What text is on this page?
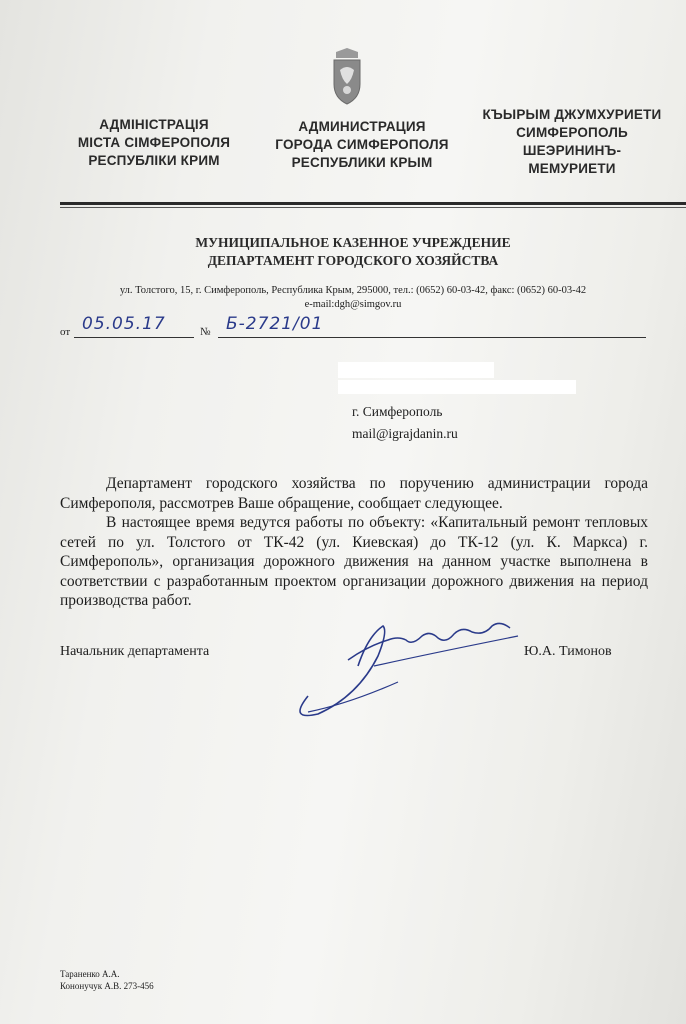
АДМІНІСТРАЦІЯ
МІСТА СІМФЕРОПОЛЯ
РЕСПУБЛІКИ КРИМ
АДМИНИСТРАЦИЯ
ГОРОДА СИМФЕРОПОЛЯ
РЕСПУБЛИКИ КРЫМ
КЪЫРЫМ ДЖУМХУРИЕТИ
СИМФЕРОПОЛЬ
ШЕЭРИНИНЪ-
МЕМУРИЕТИ
МУНИЦИПАЛЬНОЕ КАЗЕННОЕ УЧРЕЖДЕНИЕ
ДЕПАРТАМЕНТ ГОРОДСКОГО ХОЗЯЙСТВА
ул. Толстого, 15, г. Симферополь, Республика Крым, 295000, тел.: (0652) 60-03-42, факс: (0652) 60-03-42
e-mail:dgh@simgov.ru
от 05.05.17	№ Б-2721/01
г. Симферополь
mail@igrajdanin.ru

Департамент городского хозяйства по поручению администрации города Симферополя, рассмотрев Ваше обращение, сообщает следующее.

В настоящее время ведутся работы по объекту: «Капитальный ремонт тепловых сетей по ул. Толстого от ТК-42 (ул. Киевская) до ТК-12 (ул. К. Маркса) г. Симферополь», организация дорожного движения на данном участке выполнена в соответствии с разработанным проектом организации дорожного движения на период производства работ.

Начальник департамента	Ю.А. Тимонов
Тараненко А.А.
Кононучук А.В. 273-456
